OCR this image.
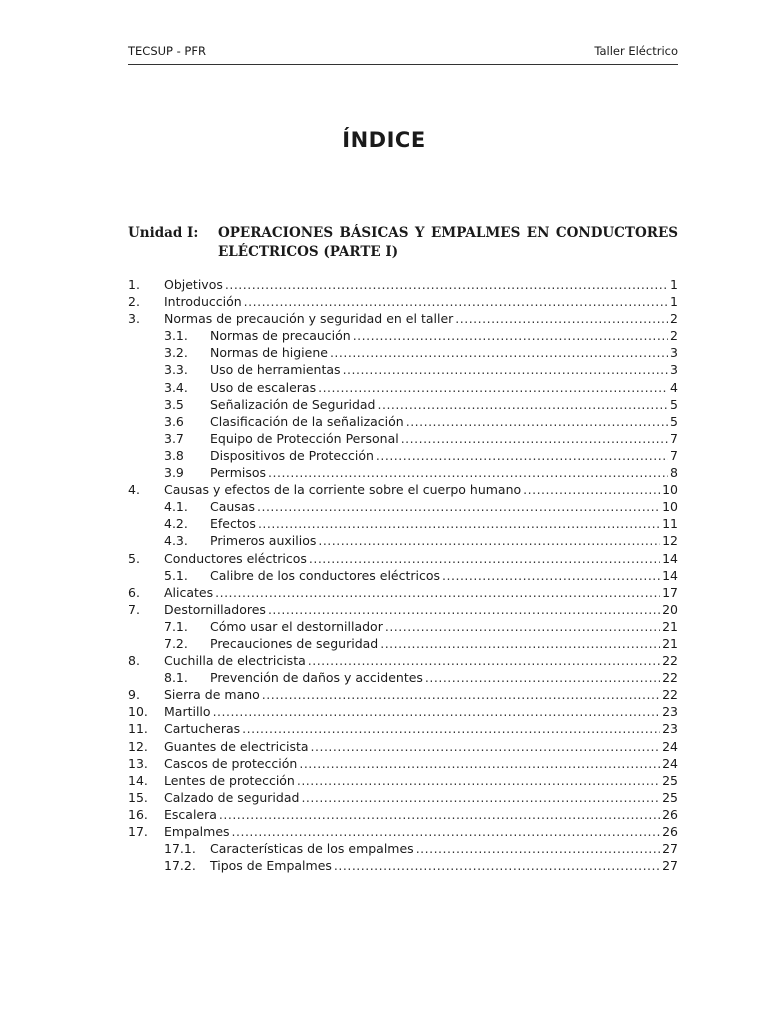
TECSUP - PFR	Taller Eléctrico
ÍNDICE
Unidad I:	OPERACIONES BÁSICAS Y EMPALMES EN CONDUCTORES
ELÉCTRICOS (PARTE I)
1.	Objetivos .....	1
2.	Introducción .....	1
3.	Normas de precaución y seguridad en el taller .....	2
3.1.	Normas de precaución .....	2
3.2.	Normas de higiene .....	3
3.3.	Uso de herramientas .....	3
3.4.	Uso de escaleras .....	4
3.5	Señalización de Seguridad .....	5
3.6	Clasificación de la señalización .....	5
3.7	Equipo de Protección Personal .....	7
3.8	Dispositivos de Protección .....	7
3.9	Permisos .....	8
4.	Causas y efectos de la corriente sobre el cuerpo humano .....	10
4.1.	Causas .....	10
4.2.	Efectos .....	11
4.3.	Primeros auxilios .....	12
5.	Conductores eléctricos .....	14
5.1.	Calibre de los conductores eléctricos .....	14
6.	Alicates .....	17
7.	Destornilladores .....	20
7.1.	Cómo usar el destornillador .....	21
7.2.	Precauciones de seguridad .....	21
8.	Cuchilla de electricista .....	22
8.1.	Prevención de daños y accidentes .....	22
9.	Sierra de mano .....	22
10.	Martillo .....	23
11.	Cartucheras .....	23
12.	Guantes de electricista .....	24
13.	Cascos de protección .....	24
14.	Lentes de protección .....	25
15.	Calzado de seguridad .....	25
16.	Escalera .....	26
17.	Empalmes .....	26
17.1.	Características de los empalmes .....	27
17.2.	Tipos de Empalmes .....	27
